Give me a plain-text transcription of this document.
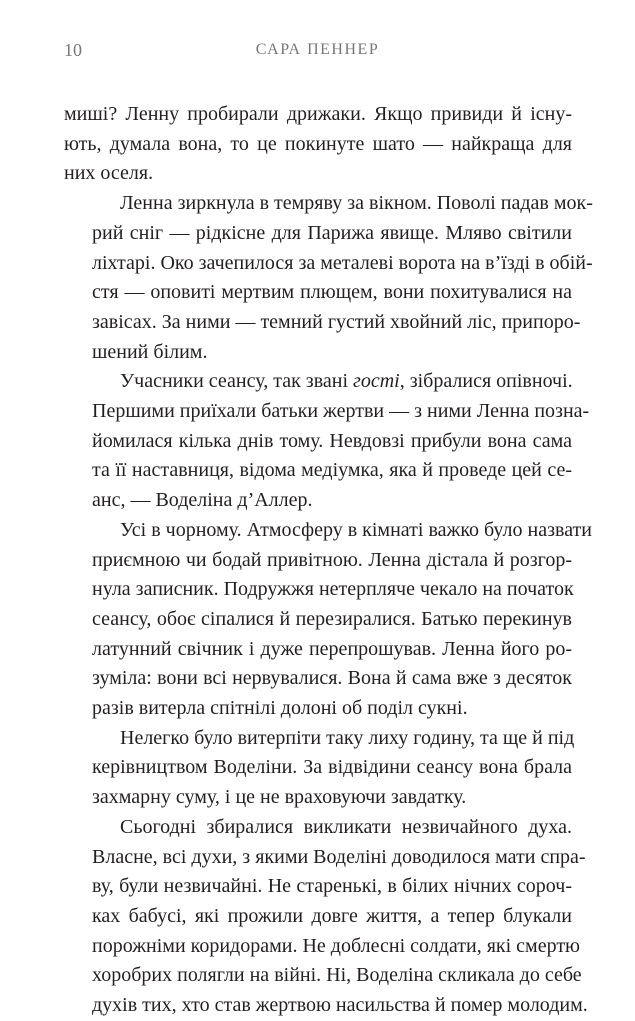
10	САРА ПЕННЕР

миші? Ленну пробирали дрижаки. Якщо привиди й існу-
ють, думала вона, то це покинуте шато — найкраща для
них оселя.

Ленна зиркнула в темряву за вікном. Поволі падав мок-
рий сніг — рідкісне для Парижа явище. Мляво світили
ліхтарі. Око зачепилося за металеві ворота на в’їзді в обій-
стя — оповиті мертвим плющем, вони похитувалися на
завісах. За ними — темний густий хвойний ліс, припоро-
шений білим.

Учасники сеансу, так звані гості, зібралися опівночі.
Першими приїхали батьки жертви — з ними Ленна позна-
йомилася кілька днів тому. Невдовзі прибули вона сама
та її наставниця, відома медіумка, яка й проведе цей се-
анс, — Воделіна д’Аллер.

Усі в чорному. Атмосферу в кімнаті важко було назвати
приємною чи бодай привітною. Ленна дістала й розгор-
нула записник. Подружжя нетерпляче чекало на початок
сеансу, обоє сіпалися й перезиралися. Батько перекинув
латунний свічник і дуже перепрошував. Ленна його ро-
зуміла: вони всі нервувалися. Вона й сама вже з десяток
разів витерла спітнілі долоні об поділ сукні.

Нелегко було витерпіти таку лиху годину, та ще й під
керівництвом Воделіни. За відвідини сеансу вона брала
захмарну суму, і це не враховуючи завдатку.

Сьогодні збиралися викликати незвичайного духа.
Власне, всі духи, з якими Воделіні доводилося мати спра-
ву, були незвичайні. Не старенькі, в білих нічних сороч-
ках бабусі, які прожили довге життя, а тепер блукали
порожніми коридорами. Не доблесні солдати, які смертю
хоробрих полягли на війні. Ні, Воделіна скликала до себе
духів тих, хто став жертвою насильства й помер молодим.
